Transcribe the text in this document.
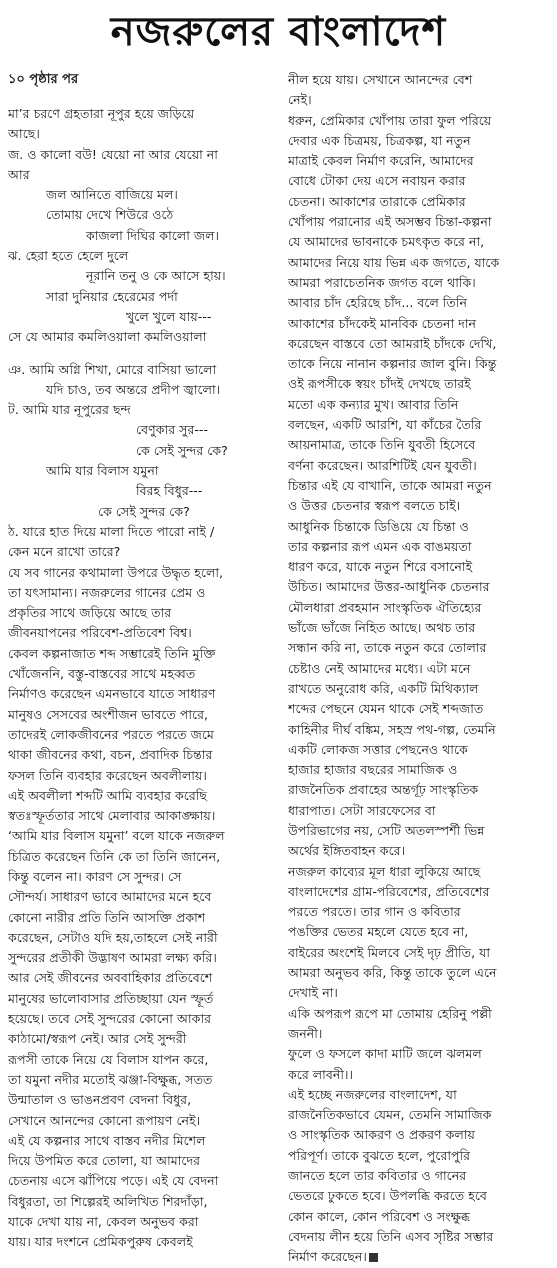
নজরুলের বাংলাদেশ
১০ পৃষ্ঠার পর
মা’র চরণে গ্রহতারা নূপুর হয়ে জড়িয়ে
আছে।
জ. ও কালো বউ! যেয়ো না আর যেয়ো না
আর
জল আনিতে বাজিয়ে মল।
তোমায় দেখে শিউরে ওঠে
কাজলা দিঘির কালো জল।
ঝ. হেরা হতে হেলে দুলে
নূরানি তনু ও কে আসে হায়।
সারা দুনিয়ার হেরেমের পর্দা
খুলে খুলে যায়---
সে যে আমার কমলিওয়ালা কমলিওয়ালা
ঞ. আমি অগ্নি শিখা, মোরে বাসিয়া ভালো
যদি চাও, তব অন্তরে প্রদীপ জ্বালো।
ট. আমি যার নূপুরের ছন্দ
বেণুকার সুর---
কে সেই সুন্দর কে?
আমি যার বিলাস যমুনা
বিরহ বিধুর---
কে সেই সুন্দর কে?
ঠ. যারে হাত দিয়ে মালা দিতে পারো নাই /
কেন মনে রাখো তারে?
যে সব গানের কথামালা উপরে উদ্ধৃত হলো,
তা যৎসামান্য। নজরুলের গানের প্রেম ও
প্রকৃতির সাথে জড়িয়ে আছে তার
জীবনযাপনের পরিবেশ-প্রতিবেশ বিশ্ব।
কেবল কল্পনাজাত শব্দ সম্ভারেই তিনি মুক্তি
খোঁজেননি, বস্তু-বাস্তবের সাথে মহব্বত
নির্মাণও করেছেন এমনভাবে যাতে সাধারণ
মানুষও সেসবের অংশীজন ভাবতে পারে,
তাদেরই লোকজীবনের পরতে পরতে জমে
থাকা জীবনের কথা, বচন, প্রবাদিক চিন্তার
ফসল তিনি ব্যবহার করেছেন অবলীলায়।
এই অবলীলা শব্দটি আমি ব্যবহার করেছি
স্বতঃস্ফূর্ততার সাথে মেলাবার আকাঙ্ক্ষায়।
‘আমি যার বিলাস যমুনা’ বলে যাকে নজরুল
চিত্রিত করেছেন তিনি কে তা তিনি জানেন,
কিন্তু বলেন না। কারণ সে সুন্দর। সে
সৌন্দর্য। সাধারণ ভাবে আমাদের মনে হবে
কোনো নারীর প্রতি তিনি আসক্তি প্রকাশ
করেছেন, সেটাও যদি হয়,তাহলে সেই নারী
সুন্দরের প্রতীকী উদ্ভাষণ আমরা লক্ষ্য করি।
আর সেই জীবনের অববাহিকার প্রতিবেশে
মানুষের ভালোবাসার প্রতিচ্ছায়া যেন স্ফূর্ত
হয়েছে। তবে সেই সুন্দরের কোনো আকার
কাঠামো/স্বরূপ নেই। আর সেই সুন্দরী
রূপসী তাকে নিয়ে যে বিলাস যাপন করে,
তা যমুনা নদীর মতোই ঝঞ্জা-বিক্ষুব্ধ, সতত
উন্মাতাল ও ভাঙনপ্রবণ বেদনা বিধুর,
সেখানে আনন্দের কোনো রূপায়ণ নেই।
এই যে কল্পনার সাথে বাস্তব নদীর মিশেল
দিয়ে উপমিত করে তোলা, যা আমাদের
চেতনায় এসে ঝাঁপিয়ে পড়ে। এই যে বেদনা
বিধুরতা, তা শিল্পেরই অলিখিত শিরদাঁড়া,
যাকে দেখা যায় না, কেবল অনুভব করা
যায়। যার দংশনে প্রেমিকপুরুষ কেবলই
নীল হয়ে যায়। সেখানে আনন্দের বেশ
নেই।
ধরুন, প্রেমিকার খোঁপায় তারা ফুল পরিয়ে
দেবার এক চিত্রময়, চিত্রকল্প, যা নতুন
মাত্রাই কেবল নির্মাণ করেনি, আমাদের
বোধে টোকা দেয় এসে নবায়ন করার
চেতনা। আকাশের তারাকে প্রেমিকার
খোঁপায় পরানোর এই অসম্ভব চিন্তা-কল্পনা
যে আমাদের ভাবনাকে চমৎকৃত করে না,
আমাদের নিয়ে যায় ভিন্ন এক জগতে, যাকে
আমরা পরাচেতনিক জগত বলে থাকি।
আবার চাঁদ হেরিছে চাঁদ... বলে তিনি
আকাশের চাঁদকেই মানবিক চেতনা দান
করেছেন বাস্তবে তো আমরাই চাঁদকে দেখি,
তাকে নিয়ে নানান কল্পনার জাল বুনি। কিন্তু
ওই রূপসীকে স্বয়ং চাঁদই দেখছে তারই
মতো এক কন্যার মুখ। আবার তিনি
বলছেন, একটি আরশি, যা কাঁচের তৈরি
আয়নামাত্র, তাকে তিনি যুবতী হিসেবে
বর্ণনা করেছেন। আরশিটিই যেন যুবতী।
চিন্তার এই যে বাখানি, তাকে আমরা নতুন
ও উত্তর চেতনার স্বরূপ বলতে চাই।
আধুনিক চিন্তাকে ডিঙিয়ে যে চিন্তা ও
তার কল্পনার রূপ এমন এক বাঙময়তা
ধারণ করে, যাকে নতুন শিরে বসানোই
উচিত। আমাদের উত্তর-আধুনিক চেতনার
মৌলধারা প্রবহমান সাংস্কৃতিক ঐতিহ্যের
ভাঁজে ভাঁজে নিহিত আছে। অথচ তার
সন্ধান করি না, তাকে নতুন করে তোলার
চেষ্টাও নেই আমাদের মধ্যে। এটা মনে
রাখতে অনুরোধ করি, একটি মিথিক্যাল
শব্দের পেছনে যেমন থাকে সেই শব্দজাত
কাহিনীর দীর্ঘ বঙ্কিম, সহস্র পথ-গল্প, তেমনি
একটি লোকজ সত্তার পেছনেও থাকে
হাজার হাজার বছরের সামাজিক ও
রাজনৈতিক প্রবাহের অন্তর্গূঢ় সাংস্কৃতিক
ধারাপাত। সেটা সারফেসের বা
উপরিভাগের নয়, সেটি অতলস্পর্শী ভিন্ন
অর্থের ইঙ্গিতবাহন করে।
নজরুল কাব্যের মূল ধারা লুকিয়ে আছে
বাংলাদেশের গ্রাম-পরিবেশের, প্রতিবেশের
পরতে পরতে। তার গান ও কবিতার
পঙক্তির ভেতর মহলে যেতে হবে না,
বাইরের অংশেই মিলবে সেই দৃঢ় প্রীতি, যা
আমরা অনুভব করি, কিন্তু তাকে তুলে এনে
দেখাই না।
একি অপরূপ রূপে মা তোমায় হেরিনু পল্লী
জননী।
ফুলে ও ফসলে কাদা মাটি জলে ঝলমল
করে লাবনী।।
এই হচ্ছে নজরুলের বাংলাদেশ, যা
রাজনৈতিকভাবে যেমন, তেমনি সামাজিক
ও সাংস্কৃতিক আকরণ ও প্রকরণ কলায়
পরিপূর্ণ। তাকে বুঝতে হলে, পুরোপুরি
জানতে হলে তার কবিতার ও গানের
ভেতরে ঢুকতে হবে। উপলব্ধি করতে হবে
কোন কালে, কোন পরিবেশ ও সংক্ষুব্ধ
বেদনায় লীন হয়ে তিনি এসব সৃষ্টির সম্ভার
নির্মাণ করেছেন।
